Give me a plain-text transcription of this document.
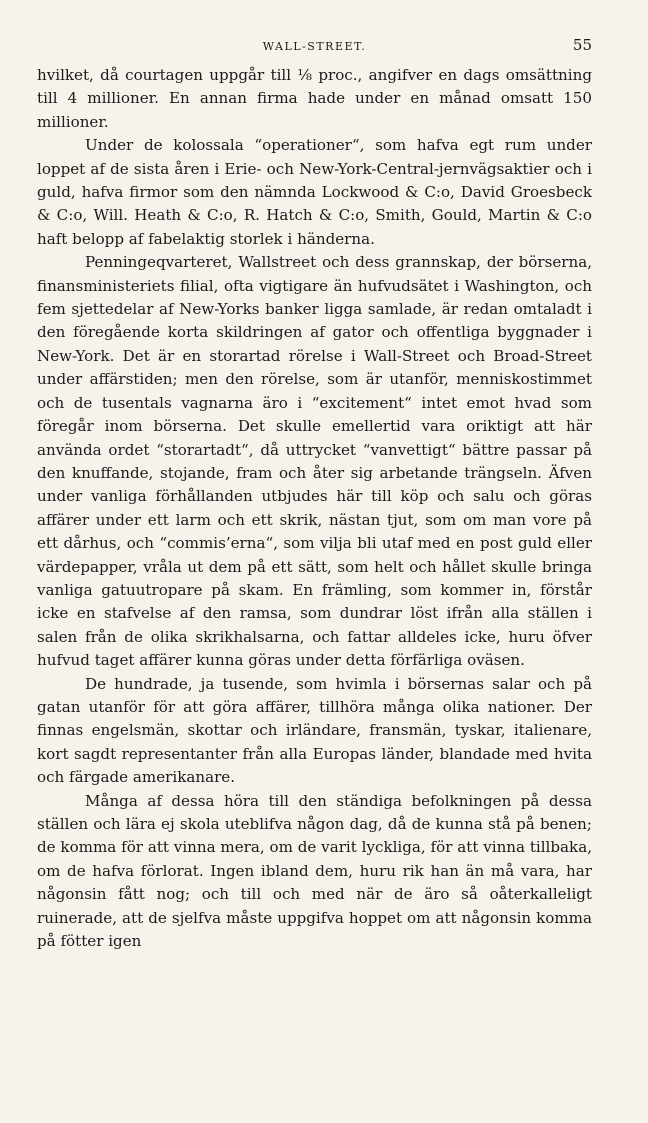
WALL-STREET.	55

hvilket, då courtagen uppgår till ⅛ proc., angifver en dags omsättning till 4 millioner. En annan firma hade under en månad omsatt 150 millioner.

Under de kolossala “operationer“, som hafva egt rum under loppet af de sista åren i Erie- och New-York-Central-jernvägsaktier och i guld, hafva firmor som den nämnda Lockwood & C:o, David Groesbeck & C:o, Will. Heath & C:o, R. Hatch & C:o, Smith, Gould, Martin & C:o haft belopp af fabelaktig storlek i händerna.

Penningeqvarteret, Wallstreet och dess grannskap, der börserna, finansministeriets filial, ofta vigtigare än hufvudsätet i Washington, och fem sjettedelar af New-Yorks banker ligga samlade, är redan omtaladt i den föregående korta skildringen af gator och offentliga byggnader i New-York. Det är en storartad rörelse i Wall-Street och Broad-Street under affärstiden; men den rörelse, som är utanför, menniskostimmet och de tusentals vagnarna äro i “excitement“ intet emot hvad som föregår inom börserna. Det skulle emellertid vara oriktigt att här använda ordet “storartadt“, då uttrycket “vanvettigt“ bättre passar på den knuffande, stojande, fram och åter sig arbetande trängseln. Äfven under vanliga förhållanden utbjudes här till köp och salu och göras affärer under ett larm och ett skrik, nästan tjut, som om man vore på ett dårhus, och “commis’erna“, som vilja bli utaf med en post guld eller värdepapper, vråla ut dem på ett sätt, som helt och hållet skulle bringa vanliga gatuutropare på skam. En främling, som kommer in, förstår icke en stafvelse af den ramsa, som dundrar löst ifrån alla ställen i salen från de olika skrikhalsarna, och fattar alldeles icke, huru öfver hufvud taget affärer kunna göras under detta förfärliga oväsen.

De hundrade, ja tusende, som hvimla i börsernas salar och på gatan utanför för att göra affärer, tillhöra många olika nationer. Der finnas engelsmän, skottar och irländare, fransmän, tyskar, italienare, kort sagdt representanter från alla Europas länder, blandade med hvita och färgade amerikanare.

Många af dessa höra till den ständiga befolkningen på dessa ställen och lära ej skola uteblifva någon dag, då de kunna stå på benen; de komma för att vinna mera, om de varit lyckliga, för att vinna tillbaka, om de hafva förlorat. Ingen ibland dem, huru rik han än må vara, har någonsin fått nog; och till och med när de äro så oåterkalleligt ruinerade, att de sjelfva måste uppgifva hoppet om att någonsin komma på fötter igen
